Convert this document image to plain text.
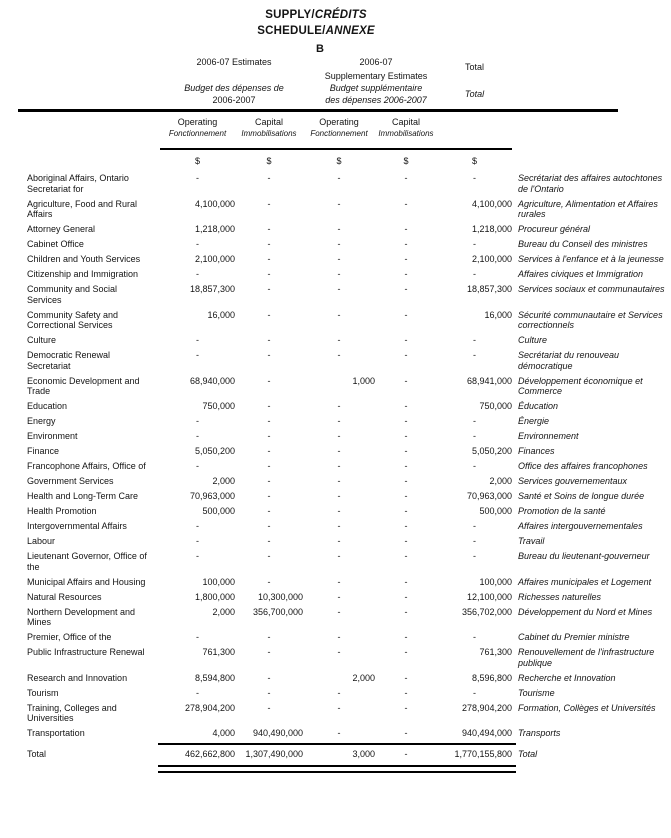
SUPPLY/CRÉDITS
SCHEDULE/ANNEXE
B
2006-07 Estimates
Budget des dépenses de
2006-2007
2006-07
Supplementary Estimates
Budget supplémentaire
des dépenses 2006-2007
Total
Total
Operating
Fonctionnement
Capital
Immobilisations
Operating
Fonctionnement
Capital
Immobilisations
$	$	$	$	$
Aboriginal Affairs, Ontario Secretariat for
-	-	-	-	-	Secrétariat des affaires autochtones de l'Ontario
Agriculture, Food and Rural Affairs
4,100,000	-	-	-	4,100,000 Agriculture, Alimentation et Affaires rurales
Attorney General	1,218,000	-	-	-	1,218,000 Procureur général
Cabinet Office	-	-	-	-	-	Bureau du Conseil des ministres
Children and Youth Services	2,100,000	-	-	-	2,100,000 Services à l'enfance et à la jeunesse
Citizenship and Immigration	-	-	-	-	-	Affaires civiques et Immigration
Community and Social Services
18,857,300	-	-	-	18,857,300 Services sociaux et communautaires
Community Safety and Correctional Services
16,000	-	-	-	16,000 Sécurité communautaire et Services correctionnels
Culture	-	-	-	-	-	Culture
Democratic Renewal Secretariat
-	-	-	-	-	Secrétariat du renouveau démocratique
Economic Development and Trade
68,940,000	-	1,000	-	68,941,000 Développement économique et Commerce
Education	750,000	-	-	-	750,000 Éducation
Energy	-	-	-	-	-	Énergie
Environment	-	-	-	-	-	Environnement
Finance	5,050,200	-	-	-	5,050,200 Finances
Francophone Affairs, Office of	-	-	-	-	-	Office des affaires francophones
Government Services	2,000	-	-	-	2,000 Services gouvernementaux
Health and Long-Term Care	70,963,000	-	-	-	70,963,000 Santé et Soins de longue durée
Health Promotion	500,000	-	-	-	500,000 Promotion de la santé
Intergovernmental Affairs	-	-	-	-	-	Affaires intergouvernementales
Labour	-	-	-	-	-	Travail
Lieutenant Governor, Office of the
-	-	-	-	-	Bureau du lieutenant-gouverneur
Municipal Affairs and Housing	100,000	-	-	-	100,000 Affaires municipales et Logement
Natural Resources	1,800,000	10,300,000	-	-	12,100,000 Richesses naturelles
Northern Development and Mines
2,000	356,700,000	-	-	356,702,000 Développement du Nord et Mines
Premier, Office of the	-	-	-	-	-	Cabinet du Premier ministre
Public Infrastructure Renewal	761,300	-	-	-	761,300 Renouvellement de l'infrastructure publique
Research and Innovation	8,594,800	-	2,000	-	8,596,800 Recherche et Innovation
Tourism	-	-	-	-	-	Tourisme
Training, Colleges and Universities
278,904,200	-	-	-	278,904,200 Formation, Collèges et Universités
Transportation	4,000	940,490,000	-	-	940,494,000 Transports
Total	462,662,800	1,307,490,000	3,000	-	1,770,155,800 Total
